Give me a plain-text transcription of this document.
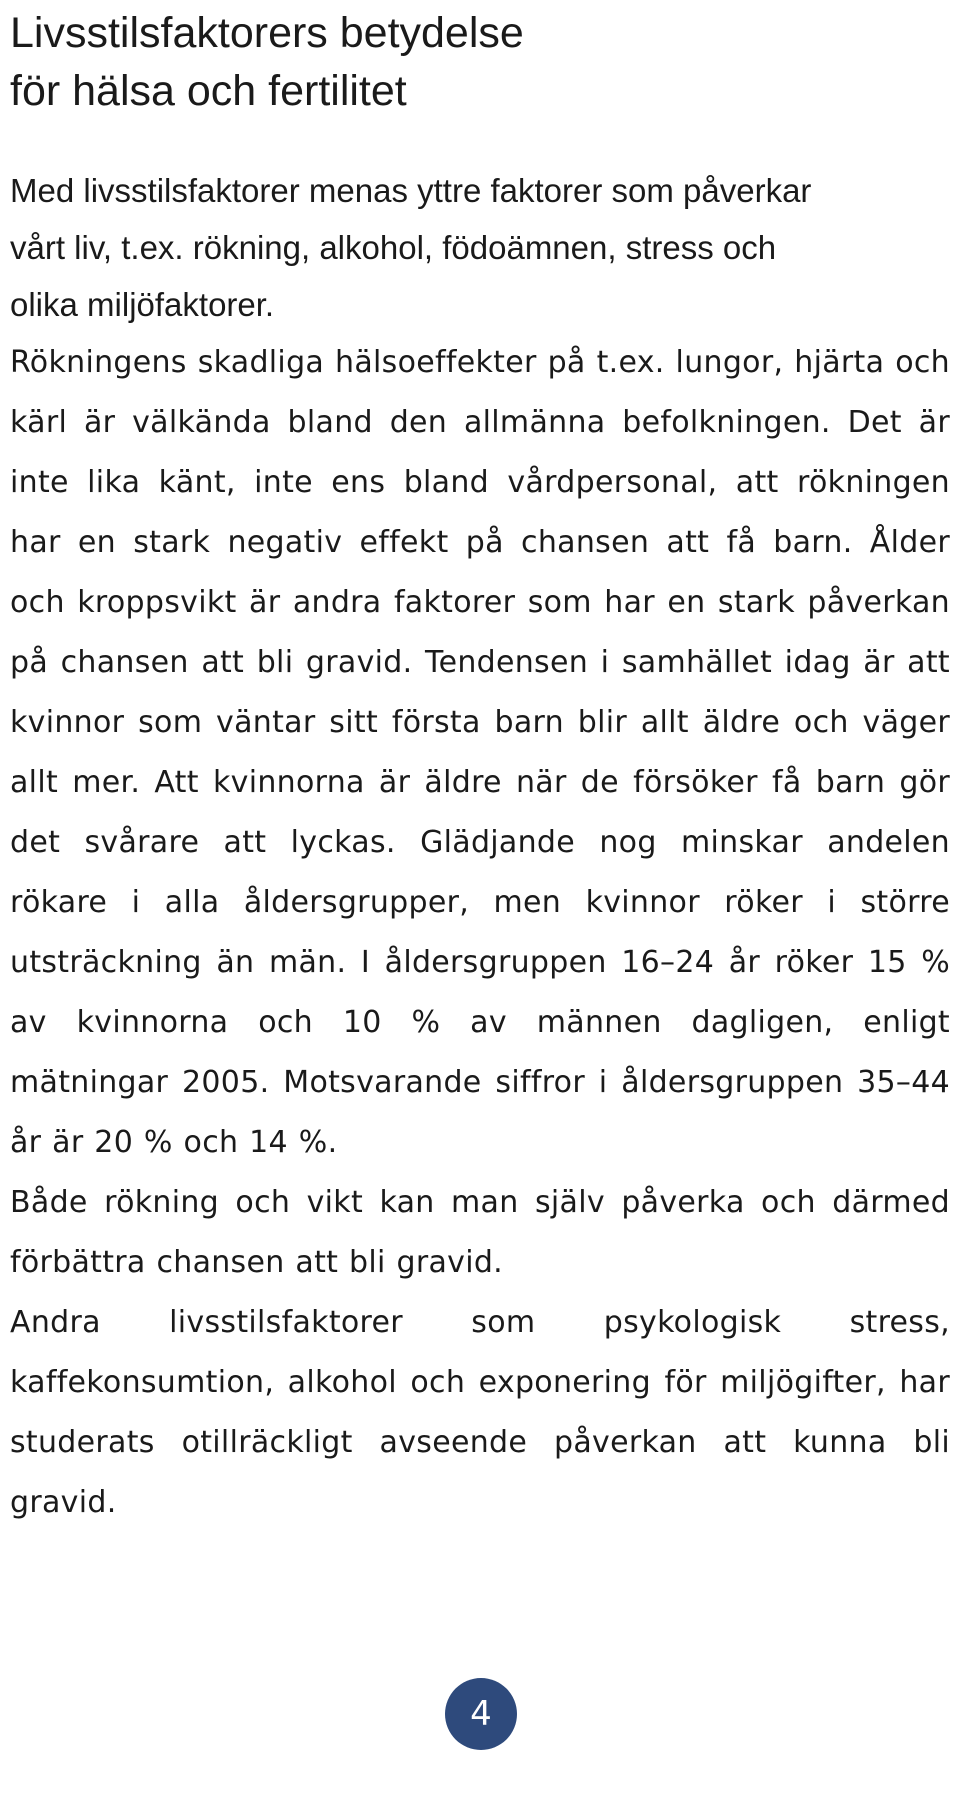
Livsstilsfaktorers betydelse
för hälsa och fertilitet

Med livsstilsfaktorer menas yttre faktorer som påverkar
vårt liv, t.ex. rökning, alkohol, födoämnen, stress och
olika miljöfaktorer.

Rökningens skadliga hälsoeffekter på t.ex. lungor, hjärta och kärl är välkända bland den allmänna befolkningen. Det är inte lika känt, inte ens bland vårdpersonal, att rökningen har en stark negativ effekt på chansen att få barn. Ålder och kroppsvikt är andra faktorer som har en stark påverkan på chansen att bli gravid. Tendensen i samhället idag är att kvinnor som väntar sitt första barn blir allt äldre och väger allt mer. Att kvinnorna är äldre när de försöker få barn gör det svårare att lyckas. Glädjande nog minskar andelen rökare i alla åldersgrupper, men kvinnor röker i större utsträckning än män. I åldersgruppen 16–24 år röker 15 % av kvinnorna och 10 % av männen dagligen, enligt mätningar 2005. Motsvarande siffror i åldersgruppen 35–44 år är 20 % och 14 %.

Både rökning och vikt kan man själv påverka och därmed förbättra chansen att bli gravid.

Andra livsstilsfaktorer som psykologisk stress, kaffekonsumtion, alkohol och exponering för miljögifter, har studerats otillräckligt avseende påverkan att kunna bli gravid.

4
